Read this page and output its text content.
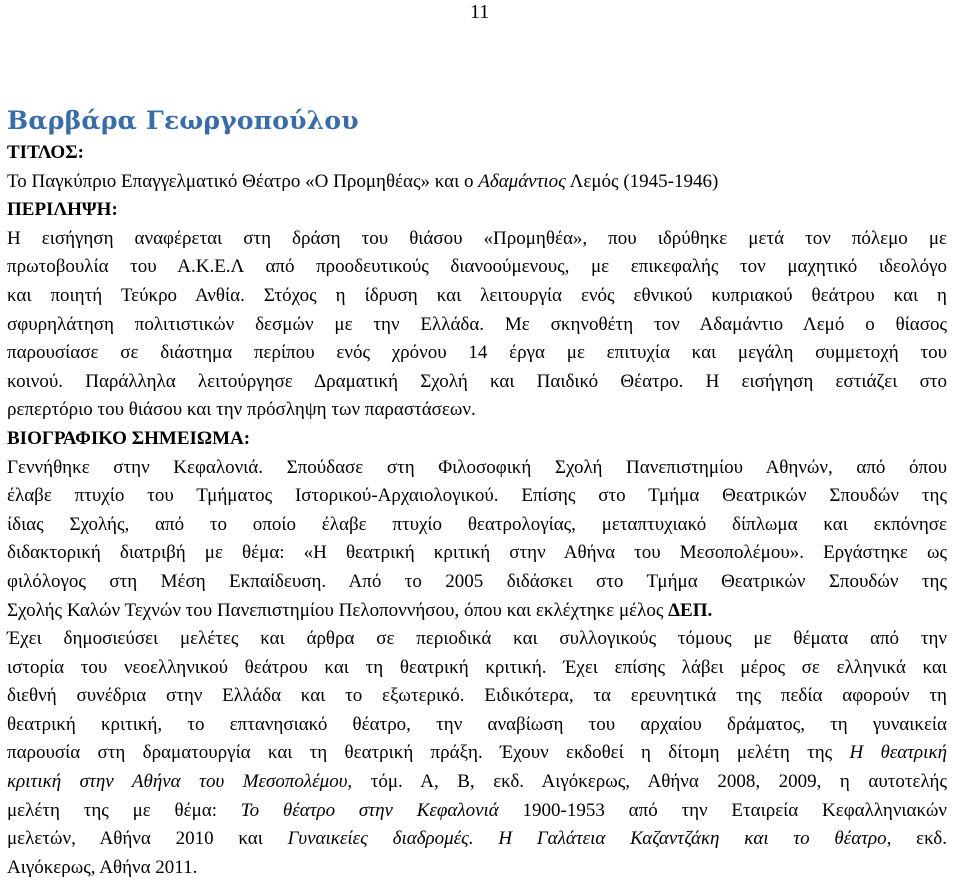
11
Βαρβάρα Γεωργοπούλου
ΤΙΤΛΟΣ:
Το Παγκύπριο Επαγγελματικό Θέατρο «Ο Προμηθέας» και ο Αδαμάντιος Λεμός (1945-1946)
ΠΕΡΙΛΗΨΗ:
Η εισήγηση αναφέρεται στη δράση του θιάσου «Προμηθέα», που ιδρύθηκε μετά τον πόλεμο με
πρωτοβουλία του Α.Κ.Ε.Λ από προοδευτικούς διανοούμενους, με επικεφαλής τον μαχητικό ιδεολόγο
και ποιητή Τεύκρο Ανθία. Στόχος η ίδρυση και λειτουργία ενός εθνικού κυπριακού θεάτρου και η
σφυρηλάτηση πολιτιστικών δεσμών με την Ελλάδα. Με σκηνοθέτη τον Αδαμάντιο Λεμό ο θίασος
παρουσίασε σε διάστημα περίπου ενός χρόνου 14 έργα με επιτυχία και μεγάλη συμμετοχή του
κοινού. Παράλληλα λειτούργησε Δραματική Σχολή και Παιδικό Θέατρο. Η εισήγηση εστιάζει στο
ρεπερτόριο του θιάσου και την πρόσληψη των παραστάσεων.
ΒΙΟΓΡΑΦΙΚΟ ΣΗΜΕΙΩΜΑ:
Γεννήθηκε στην Κεφαλονιά. Σπούδασε στη Φιλοσοφική Σχολή Πανεπιστημίου Αθηνών, από όπου
έλαβε πτυχίο του Τμήματος Ιστορικού-Αρχαιολογικού. Επίσης στο Τμήμα Θεατρικών Σπουδών της
ίδιας Σχολής, από το οποίο έλαβε πτυχίο θεατρολογίας, μεταπτυχιακό δίπλωμα και εκπόνησε
διδακτορική διατριβή με θέμα: «Η θεατρική κριτική στην Αθήνα του Μεσοπολέμου». Εργάστηκε ως
φιλόλογος στη Μέση Εκπαίδευση. Από το 2005 διδάσκει στο Τμήμα Θεατρικών Σπουδών της
Σχολής Καλών Τεχνών του Πανεπιστημίου Πελοποννήσου, όπου και εκλέχτηκε μέλος ΔΕΠ.
Έχει δημοσιεύσει μελέτες και άρθρα σε περιοδικά και συλλογικούς τόμους με θέματα από την
ιστορία του νεοελληνικού θεάτρου και τη θεατρική κριτική. Έχει επίσης λάβει μέρος σε ελληνικά και
διεθνή συνέδρια στην Ελλάδα και το εξωτερικό. Ειδικότερα, τα ερευνητικά της πεδία αφορούν τη
θεατρική κριτική, το επτανησιακό θέατρο, την αναβίωση του αρχαίου δράματος, τη γυναικεία
παρουσία στη δραματουργία και τη θεατρική πράξη. Έχουν εκδοθεί η δίτομη μελέτη της Η θεατρική
κριτική στην Αθήνα του Μεσοπολέμου, τόμ. Α, Β, εκδ. Αιγόκερως, Αθήνα 2008, 2009, η αυτοτελής
μελέτη της με θέμα: Το θέατρο στην Κεφαλονιά 1900-1953 από την Εταιρεία Κεφαλληνιακών
μελετών, Αθήνα 2010 και Γυναικείες διαδρομές. Η Γαλάτεια Καζαντζάκη και το θέατρο, εκδ.
Αιγόκερως, Αθήνα 2011.
